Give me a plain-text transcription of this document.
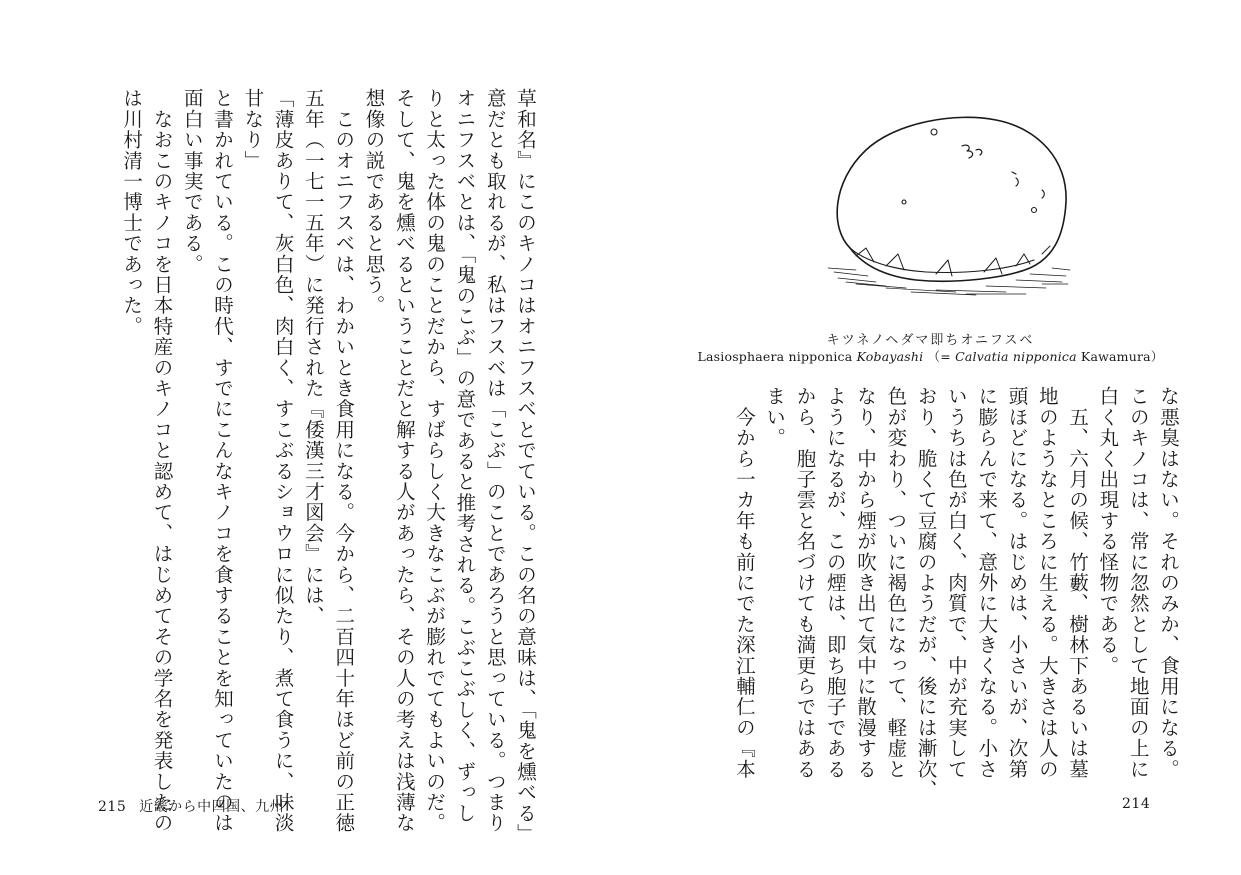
草和名』にこのキノコはオニフスベとでている。この名の意味は、「鬼を燻べる」
意だとも取れるが、私はフスベは「こぶ」のことであろうと思っている。つまり
オニフスベとは、「鬼のこぶ」の意であると推考される。こぶこぶしく、ずっし
りと太った体の鬼のことだから、すばらしく大きなこぶが膨れでてもよいのだ。
そして、鬼を燻べるということだと解する人があったら、その人の考えは浅薄な
想像の説であると思う。
　このオニフスベは、わかいとき食用になる。今から、二百四十年ほど前の正徳
五年（一七一五年）に発行された『倭漢三才図会』には、
「薄皮ありて、灰白色、肉白く、すこぶるショウロに似たり、煮て食うに、味淡
甘なり」
と書かれている。この時代、すでにこんなキノコを食することを知っていたのは
面白い事実である。
　なおこのキノコを日本特産のキノコと認めて、はじめてその学名を発表したの
は川村清一博士であった。
215 近畿から中四国、九州
キツネノヘダマ即ちオニフスベ
Lasiosphaera nipponica Kobayashi （= Calvatia nipponica Kawamura）
な悪臭はない。それのみか、食用になる。
このキノコは、常に忽然として地面の上に
白く丸く出現する怪物である。
　五、六月の候、竹藪、樹林下あるいは墓
地のようなところに生える。大きさは人の
頭ほどになる。はじめは、小さいが、次第
に膨らんで来て、意外に大きくなる。小さ
いうちは色が白く、肉質で、中が充実して
おり、脆くて豆腐のようだが、後には漸次、
色が変わり、ついに褐色になって、軽虚と
なり、中から煙が吹き出て気中に散漫する
ようになるが、この煙は、即ち胞子である
から、胞子雲と名づけても満更らではある
まい。
　今から一カ年も前にでた深江輔仁の『本
214
